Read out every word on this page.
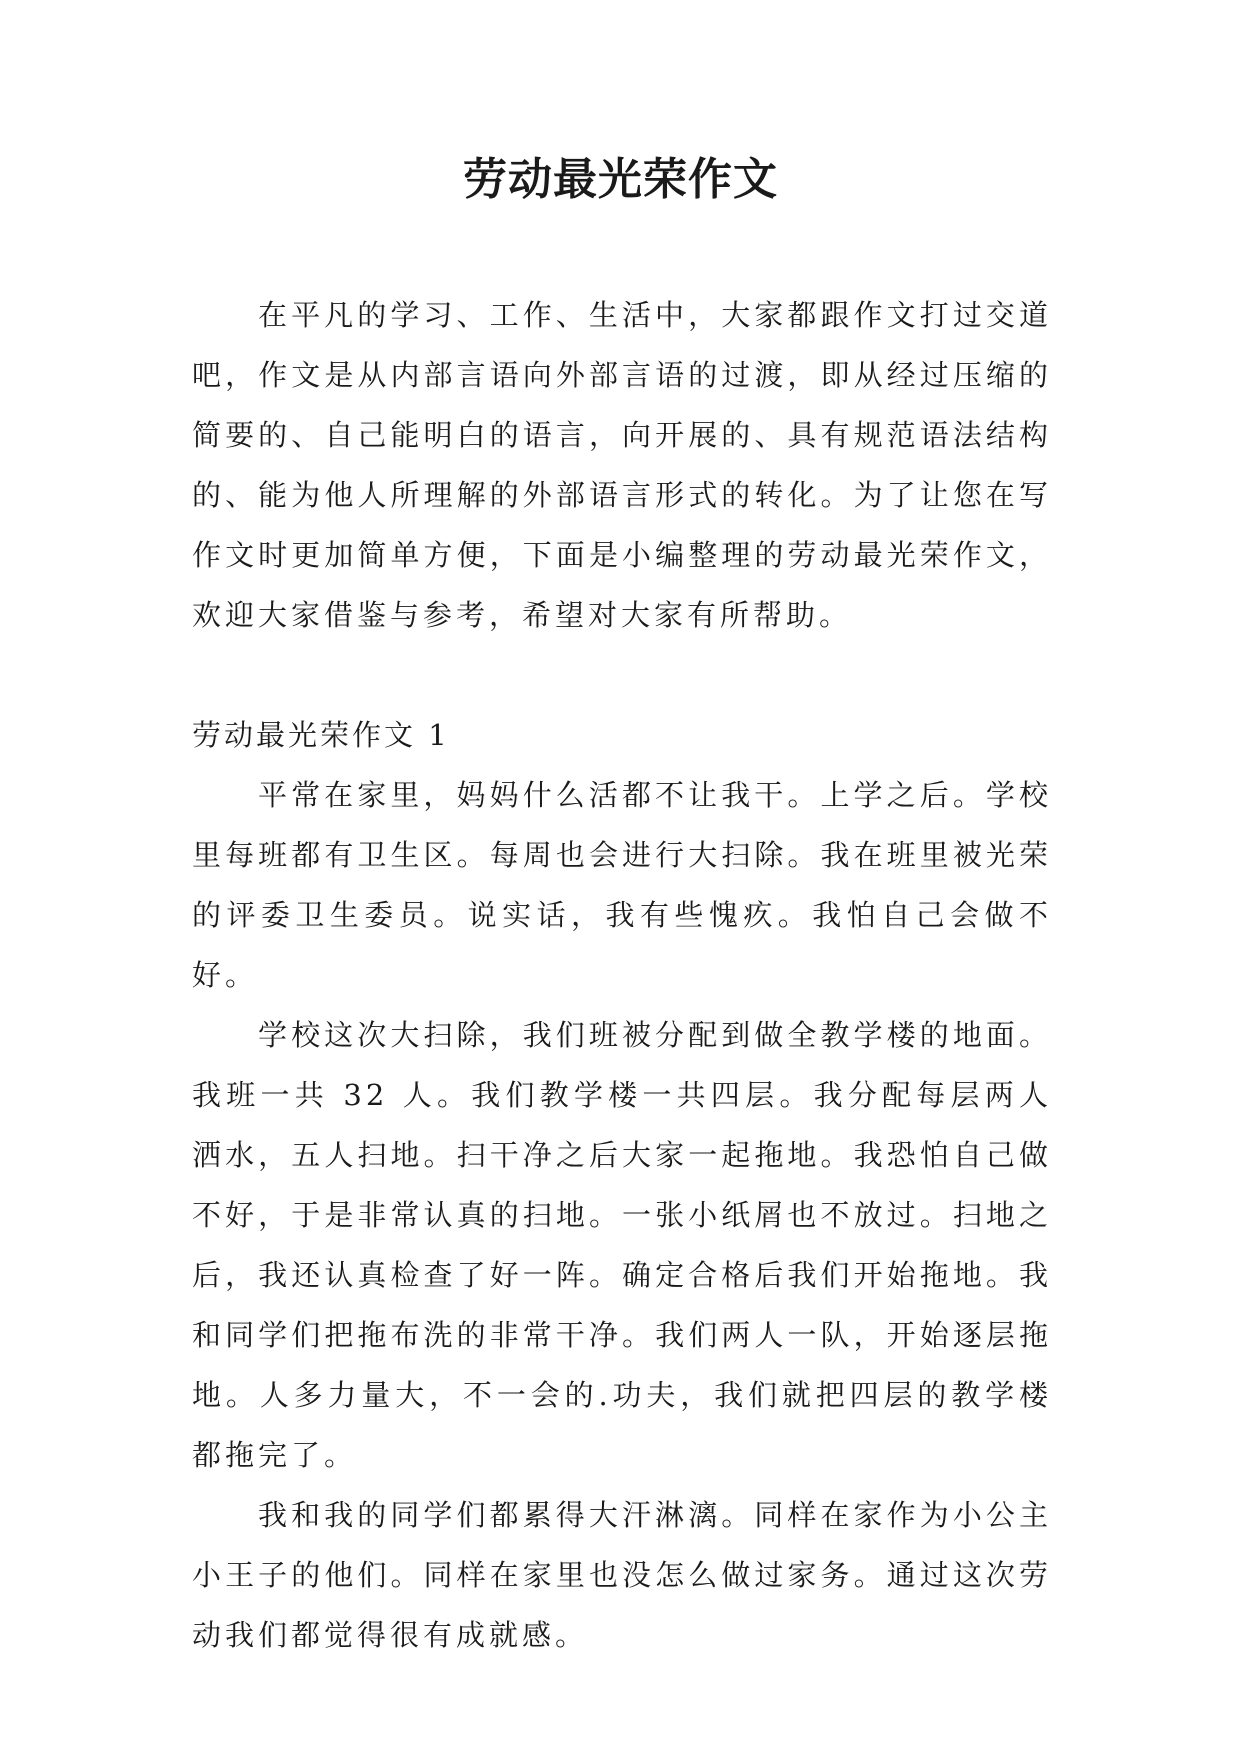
劳动最光荣作文

在平凡的学习、工作、生活中，大家都跟作文打过交道吧，作文是从内部言语向外部言语的过渡，即从经过压缩的简要的、自己能明白的语言，向开展的、具有规范语法结构的、能为他人所理解的外部语言形式的转化。为了让您在写作文时更加简单方便，下面是小编整理的劳动最光荣作文，欢迎大家借鉴与参考，希望对大家有所帮助。

劳动最光荣作文 1

平常在家里，妈妈什么活都不让我干。上学之后。学校里每班都有卫生区。每周也会进行大扫除。我在班里被光荣的评委卫生委员。说实话，我有些愧疚。我怕自己会做不好。

学校这次大扫除，我们班被分配到做全教学楼的地面。我班一共 32 人。我们教学楼一共四层。我分配每层两人洒水，五人扫地。扫干净之后大家一起拖地。我恐怕自己做不好，于是非常认真的扫地。一张小纸屑也不放过。扫地之后，我还认真检查了好一阵。确定合格后我们开始拖地。我和同学们把拖布洗的非常干净。我们两人一队，开始逐层拖地。人多力量大，不一会的.功夫，我们就把四层的教学楼都拖完了。

我和我的同学们都累得大汗淋漓。同样在家作为小公主小王子的他们。同样在家里也没怎么做过家务。通过这次劳动我们都觉得很有成就感。
